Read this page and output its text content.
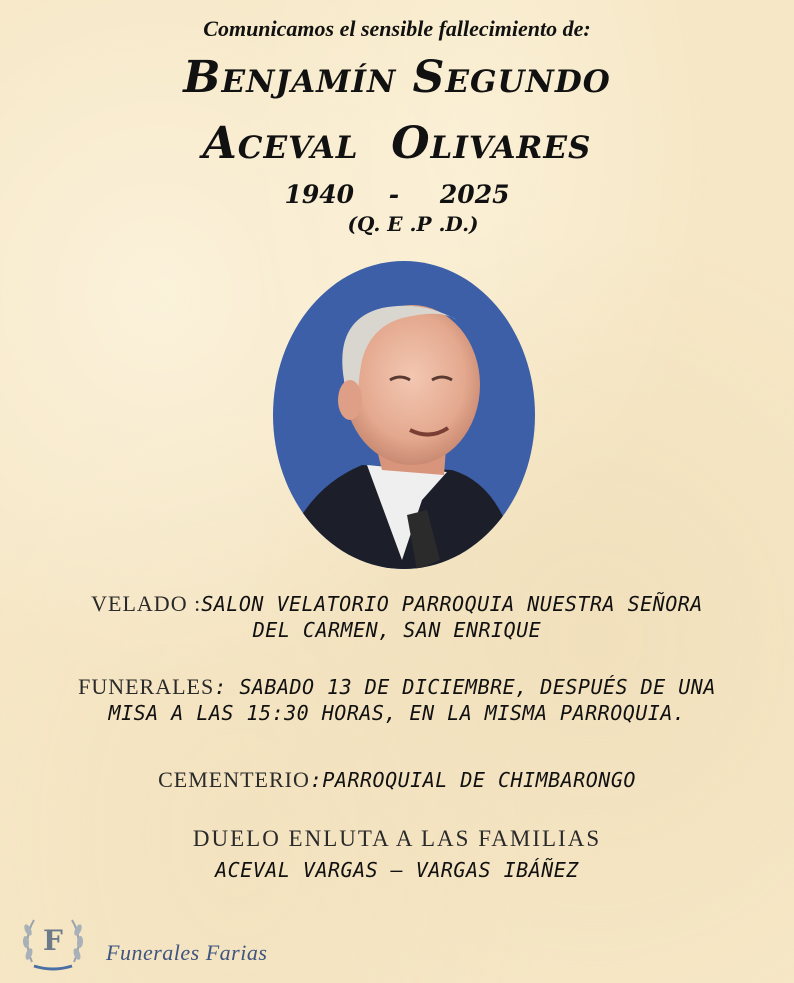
Comunicamos el sensible fallecimiento de:
Benjamín Segundo
Aceval  Olivares
1940 - 2025
(Q. E .P .D.)
VELADO :SALON VELATORIO PARROQUIA NUESTRA SEÑORA
DEL CARMEN, SAN ENRIQUE
FUNERALES: SABADO 13 DE DICIEMBRE, DESPUÉS DE UNA
MISA A LAS 15:30 HORAS, EN LA MISMA PARROQUIA.
CEMENTERIO:PARROQUIAL DE CHIMBARONGO
DUELO ENLUTA A LAS FAMILIAS
ACEVAL VARGAS – VARGAS IBÁÑEZ
F Funerales Farias
